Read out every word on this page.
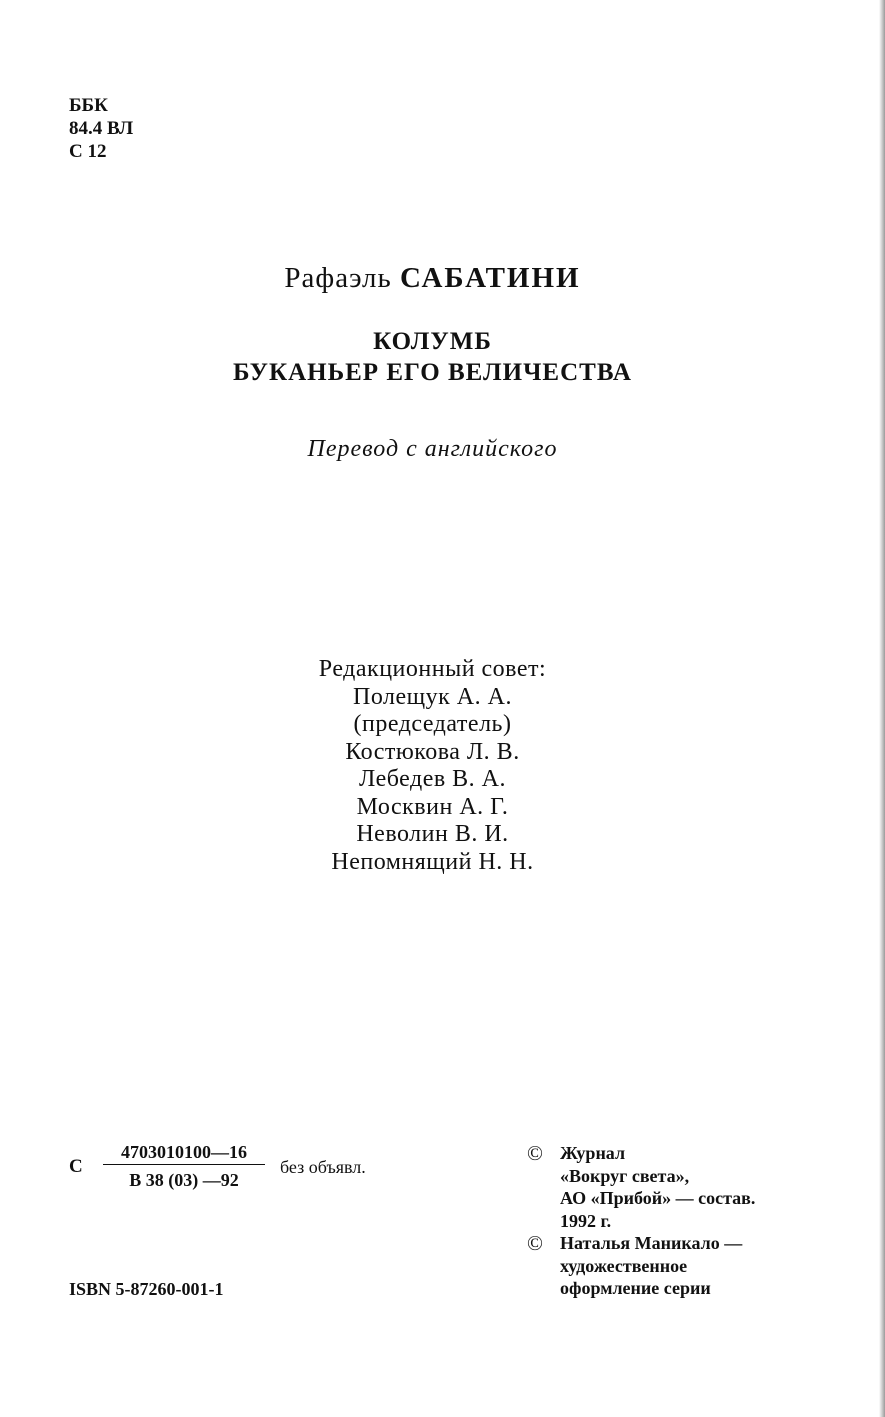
ББК
84.4 ВЛ
С 12
Рафаэль САБАТИНИ
КОЛУМБ
БУКАНЬЕР ЕГО ВЕЛИЧЕСТВА
Перевод с английского
Редакционный совет:
Полещук А. А.
(председатель)
Костюкова Л. В.
Лебедев В. А.
Москвин А. Г.
Неволин В. И.
Непомнящий Н. Н.
С
4703010100—16
В 38 (03) —92
без объявл.
ISBN 5-87260-001-1
© Журнал
«Вокруг света»,
АО «Прибой» — состав.
1992 г.
© Наталья Маникало —
художественное
оформление серии
